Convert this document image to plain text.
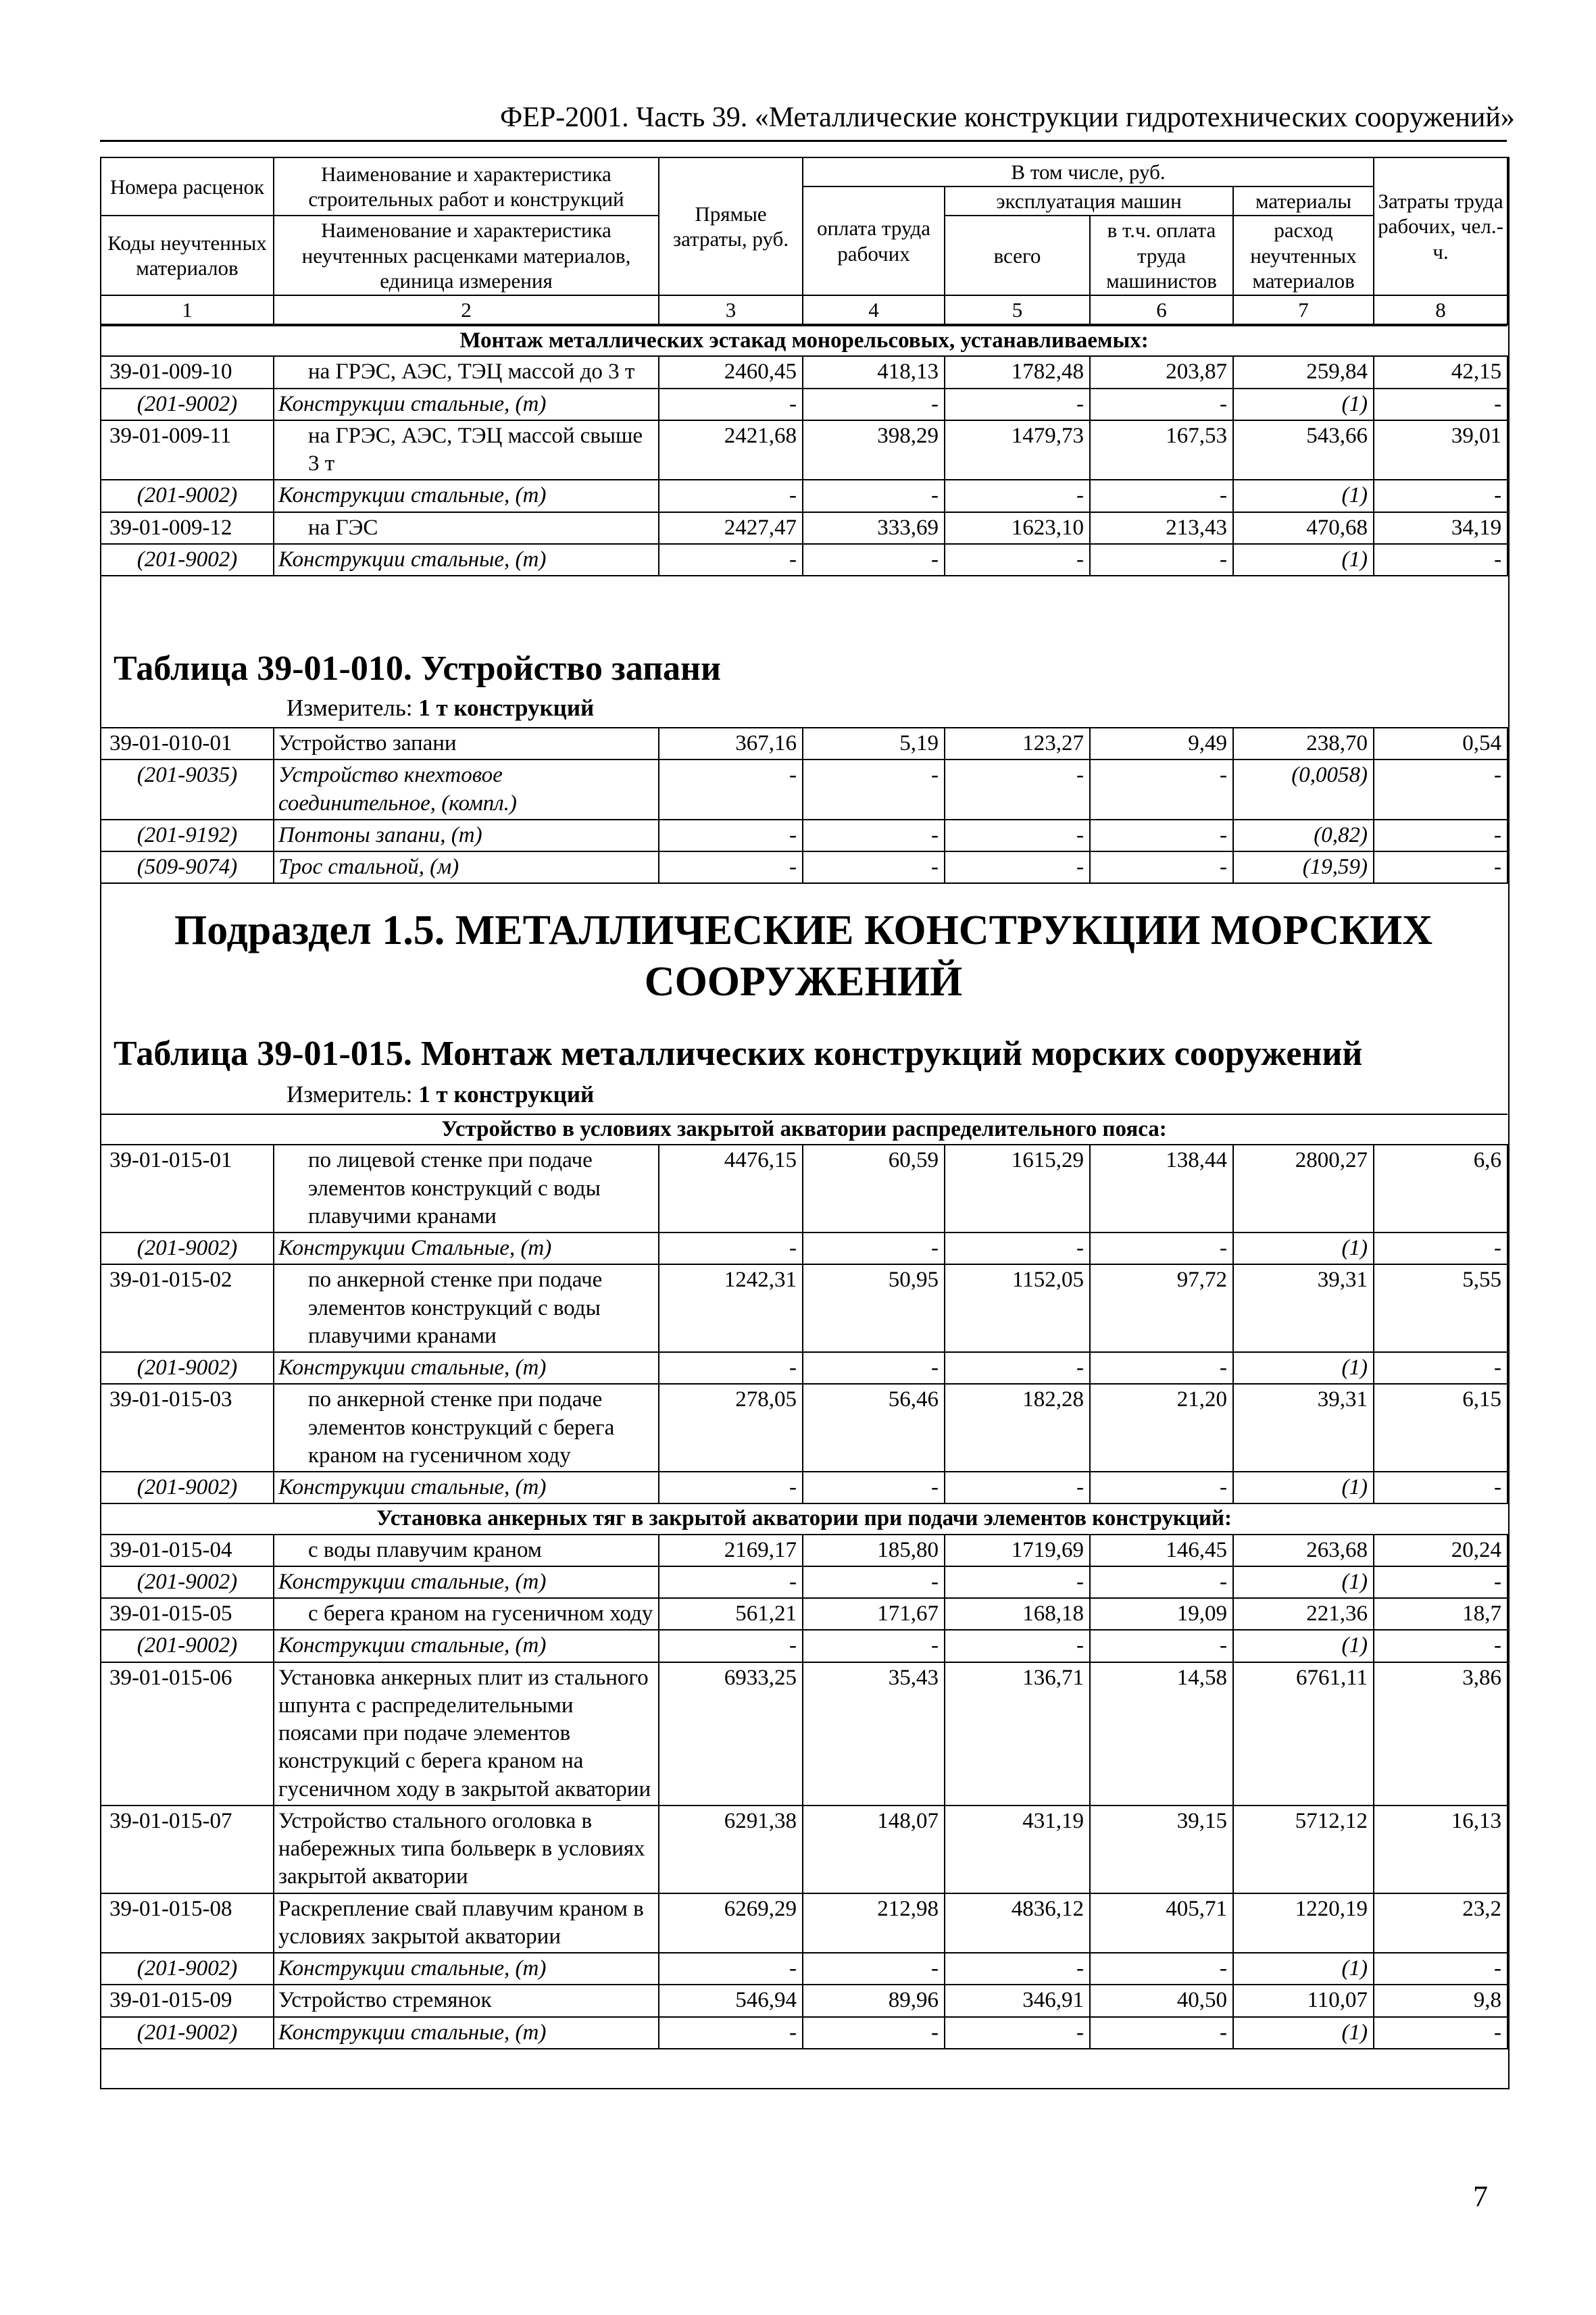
ФЕР-2001. Часть 39. «Металлические конструкции гидротехнических сооружений»
Номера расценок	Наименование и характеристика строительных работ и конструкций	Прямые затраты, руб.	В том числе, руб.				Затраты труда рабочих, чел.-ч.
			оплата труда рабочих	эксплуатация машин		материалы	
Коды неучтенных материалов	Наименование и характеристика неучтенных расценками материалов, единица измерения			всего	в т.ч. оплата труда машинистов	расход неучтенных материалов	

1	2	3	4	5	6	7	8
Монтаж металлических эстакад монорельсовых, устанавливаемых:							
39-01-009-10	на ГРЭС, АЭС, ТЭЦ массой до 3 т	2460,45	418,13	1782,48	203,87	259,84	42,15
(201-9002)	Конструкции стальные, (т)	-	-	-	-	(1)	-
39-01-009-11	на ГРЭС, АЭС, ТЭЦ массой свыше 3 т	2421,68	398,29	1479,73	167,53	543,66	39,01
(201-9002)	Конструкции стальные, (т)	-	-	-	-	(1)	-
39-01-009-12	на ГЭС	2427,47	333,69	1623,10	213,43	470,68	34,19
(201-9002)	Конструкции стальные, (т)	-	-	-	-	(1)	-
Таблица 39-01-010. Устройство запани
Измеритель: 1 т конструкций
39-01-010-01	Устройство запани	367,16	5,19	123,27	9,49	238,70	0,54
(201-9035)	Устройство кнехтовое соединительное, (компл.)	-	-	-	-	(0,0058)	-
(201-9192)	Понтоны запани, (т)	-	-	-	-	(0,82)	-
(509-9074)	Трос стальной, (м)	-	-	-	-	(19,59)	-
Подраздел 1.5. МЕТАЛЛИЧЕСКИЕ КОНСТРУКЦИИ МОРСКИХ
СООРУЖЕНИЙ
Таблица 39-01-015. Монтаж металлических конструкций морских сооружений
Измеритель: 1 т конструкций
Устройство в условиях закрытой акватории распределительного пояса:							
39-01-015-01	по лицевой стенке при подаче элементов конструкций с воды плавучими кранами	4476,15	60,59	1615,29	138,44	2800,27	6,6
(201-9002)	Конструкции Стальные, (т)	-	-	-	-	(1)	-
39-01-015-02	по анкерной стенке при подаче элементов конструкций с воды плавучими кранами	1242,31	50,95	1152,05	97,72	39,31	5,55
(201-9002)	Конструкции стальные, (т)	-	-	-	-	(1)	-
39-01-015-03	по анкерной стенке при подаче элементов конструкций с берега краном на гусеничном ходу	278,05	56,46	182,28	21,20	39,31	6,15
(201-9002)	Конструкции стальные, (т)	-	-	-	-	(1)	-
Установка анкерных тяг в закрытой акватории при подачи элементов конструкций:							
39-01-015-04	с воды плавучим краном	2169,17	185,80	1719,69	146,45	263,68	20,24
(201-9002)	Конструкции стальные, (т)	-	-	-	-	(1)	-
39-01-015-05	с берега краном на гусеничном ходу	561,21	171,67	168,18	19,09	221,36	18,7
(201-9002)	Конструкции стальные, (т)	-	-	-	-	(1)	-
39-01-015-06	Установка анкерных плит из стального шпунта с распределительными поясами при подаче элементов конструкций с берега краном на гусеничном ходу в закрытой акватории	6933,25	35,43	136,71	14,58	6761,11	3,86
39-01-015-07	Устройство стального оголовка в набережных типа больверк в условиях закрытой акватории	6291,38	148,07	431,19	39,15	5712,12	16,13
39-01-015-08	Раскрепление свай плавучим краном в условиях закрытой акватории	6269,29	212,98	4836,12	405,71	1220,19	23,2
(201-9002)	Конструкции стальные, (т)	-	-	-	-	(1)	-
39-01-015-09	Устройство стремянок	546,94	89,96	346,91	40,50	110,07	9,8
(201-9002)	Конструкции стальные, (т)	-	-	-	-	(1)	-
7
